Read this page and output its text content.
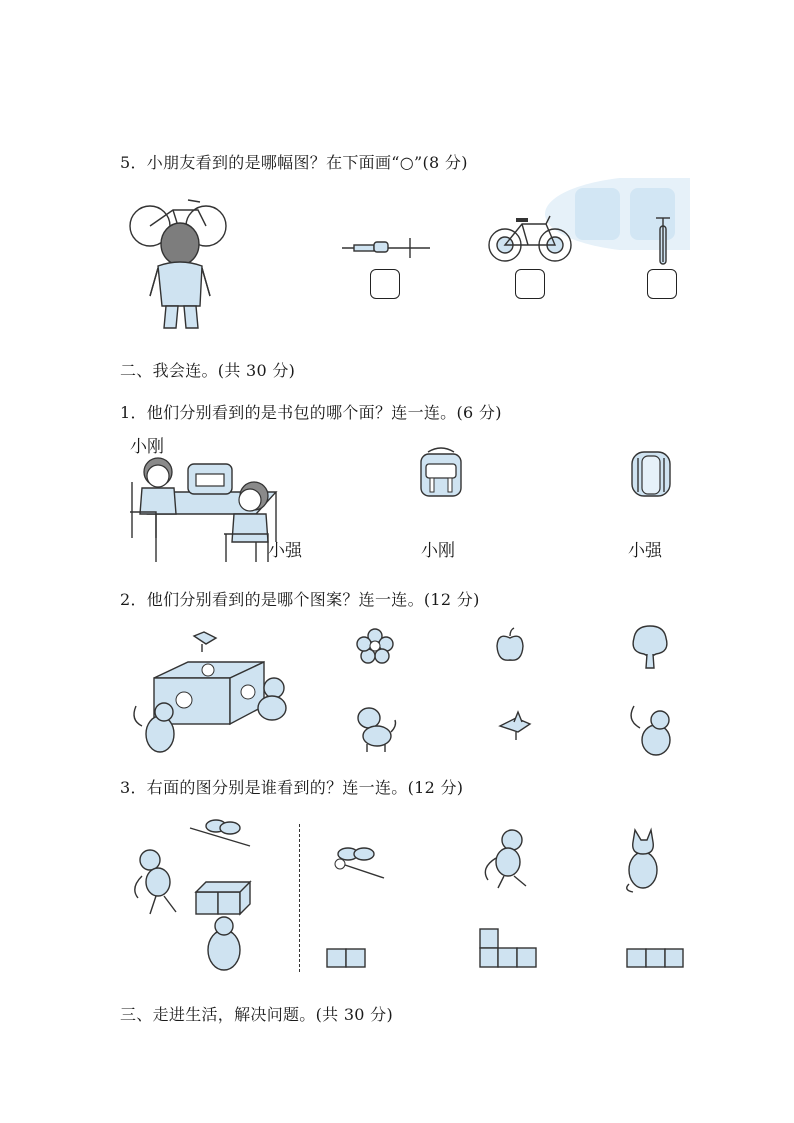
5．小朋友看到的是哪幅图？在下面画“○”(8 分)
二、我会连。(共 30 分)
1．他们分别看到的是书包的哪个面？连一连。(6 分)
小刚
小强	小刚	小强
2．他们分别看到的是哪个图案？连一连。(12 分)
3．右面的图分别是谁看到的？连一连。(12 分)
三、走进生活，解决问题。(共 30 分)
